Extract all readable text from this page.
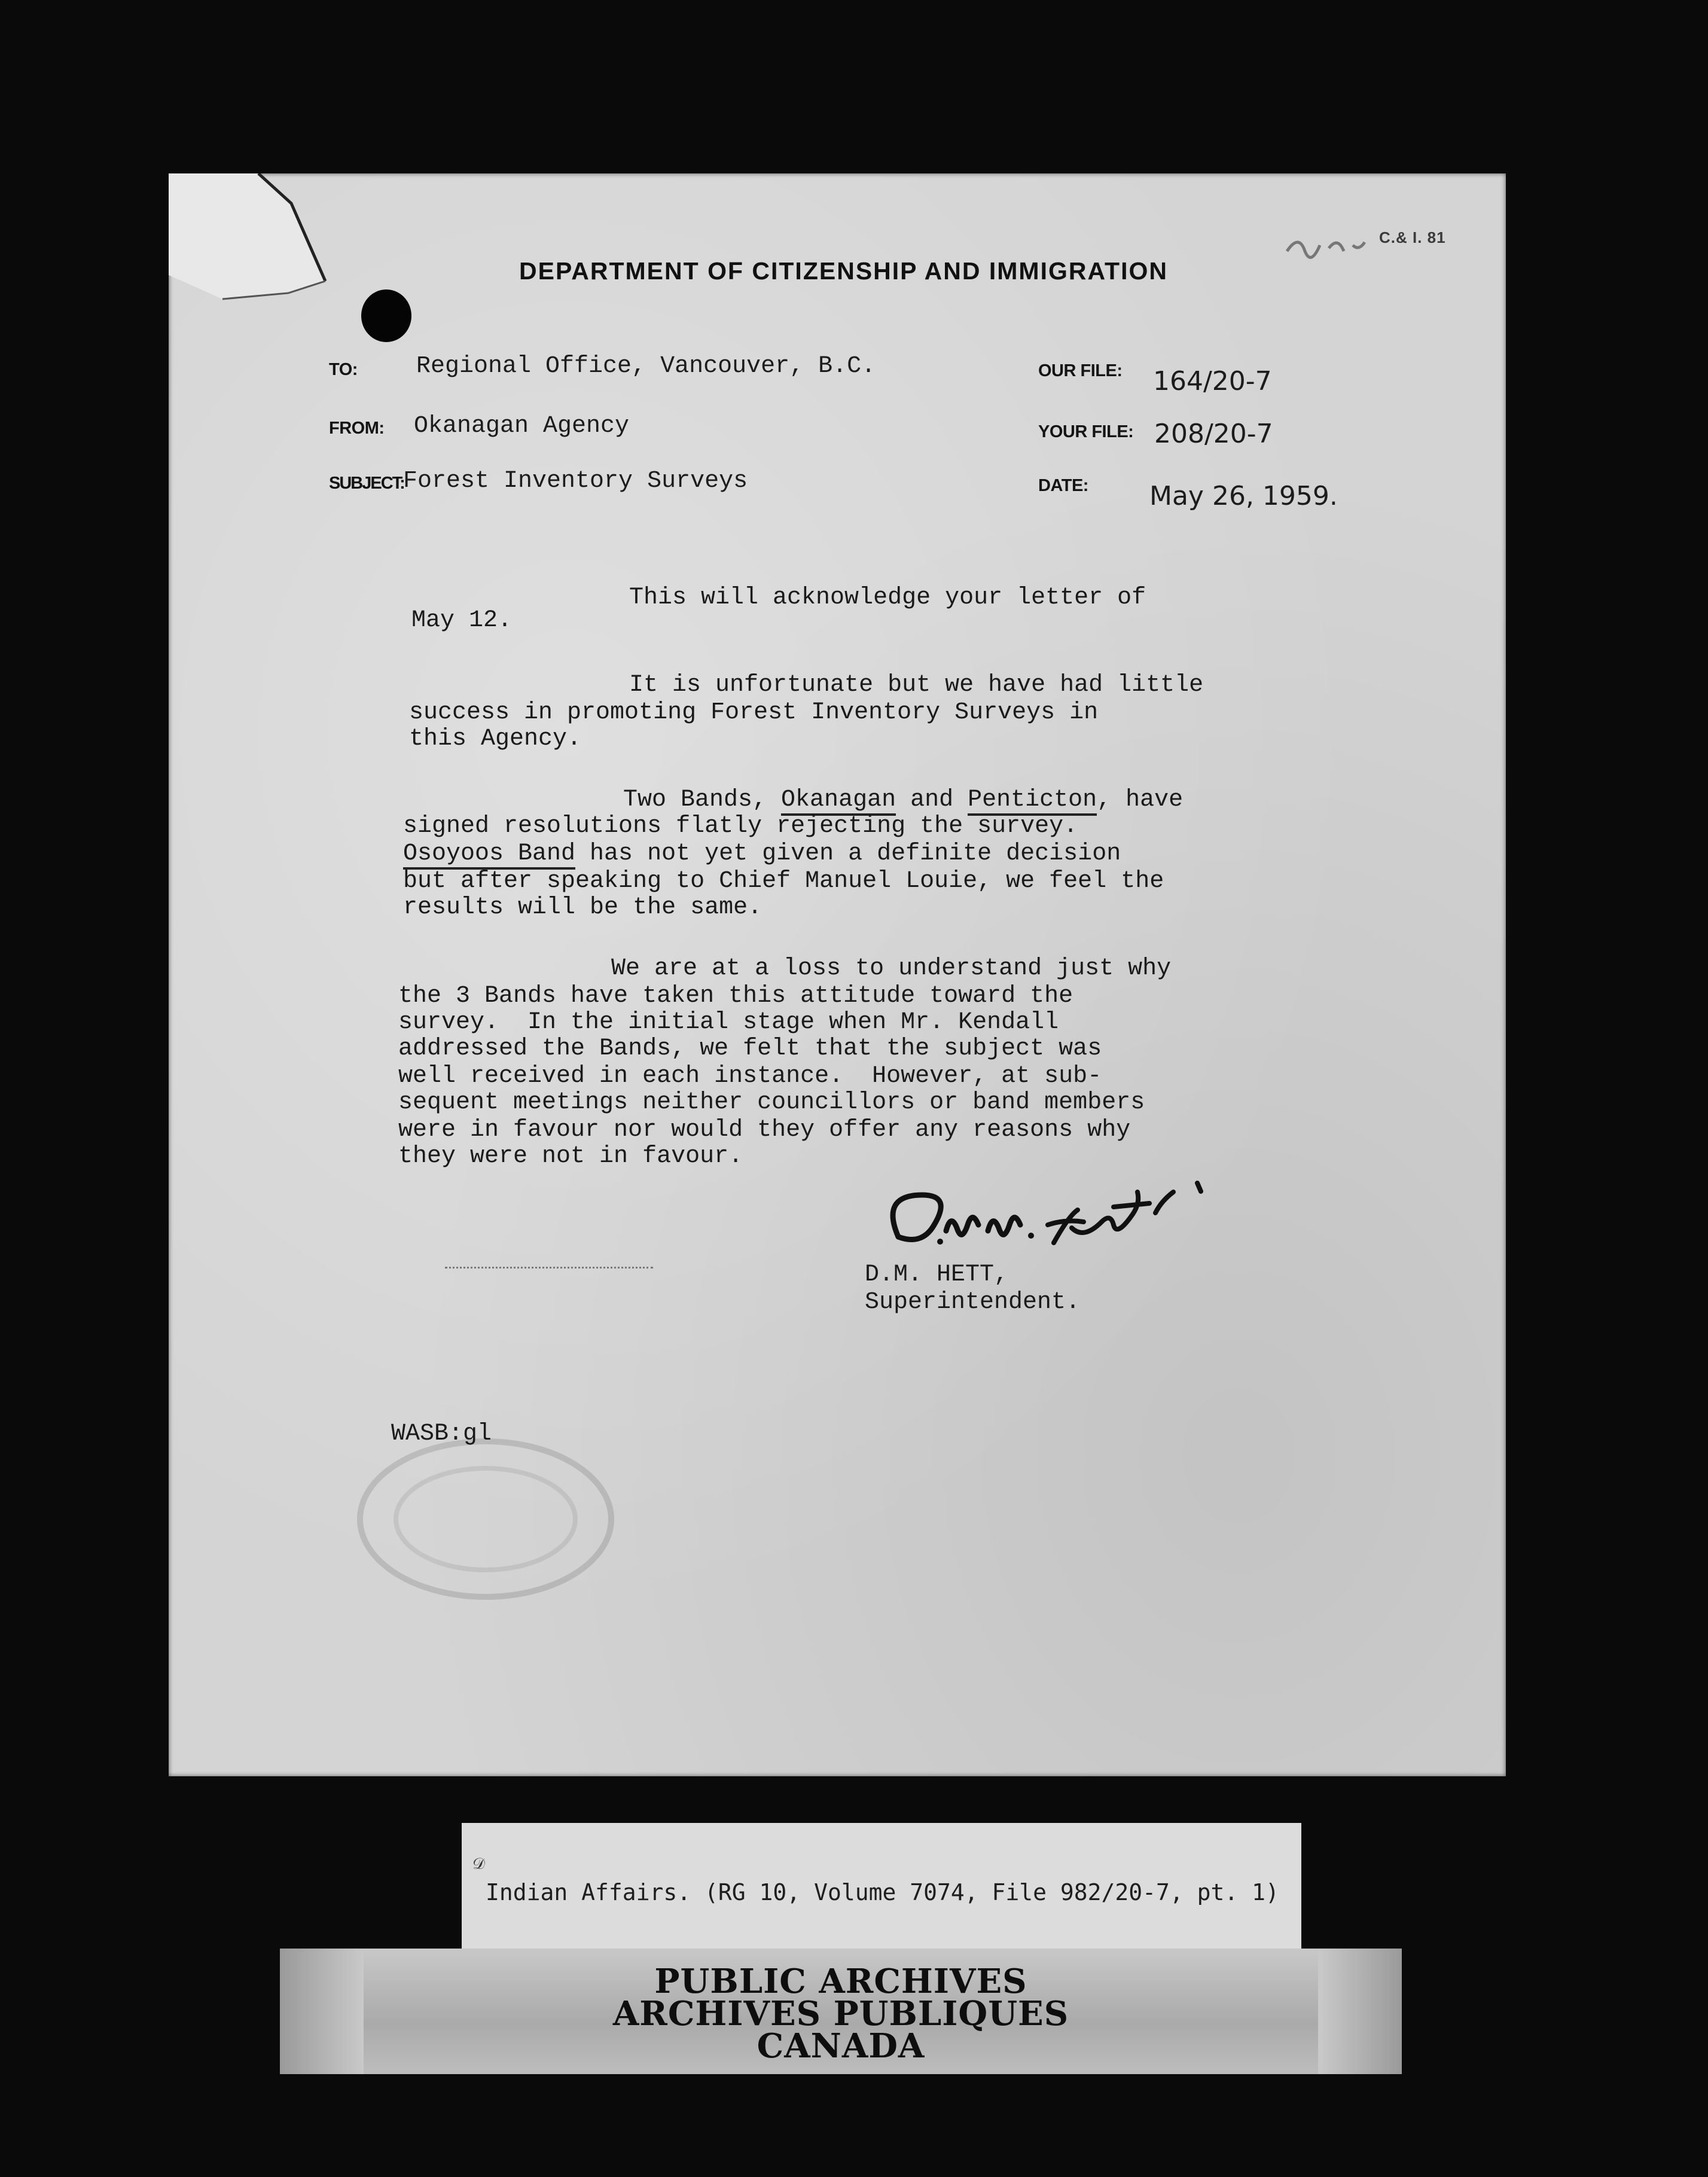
C.& I. 81
DEPARTMENT OF CITIZENSHIP AND IMMIGRATION
TO: Regional Office, Vancouver, B.C.
FROM: Okanagan Agency
SUBJECT:
Forest Inventory Surveys
OUR FILE: 164/20-7
YOUR FILE: 208/20-7
DATE: May 26, 1959.
This will acknowledge your letter of
May 12.
It is unfortunate but we have had little
success in promoting Forest Inventory Surveys in
this Agency.
Two Bands, Okanagan and Penticton, have
signed resolutions flatly rejecting the survey.
Osoyoos Band has not yet given a definite decision
but after speaking to Chief Manuel Louie, we feel the
results will be the same.
We are at a loss to understand just why
the 3 Bands have taken this attitude toward the
survey.  In the initial stage when Mr. Kendall
addressed the Bands, we felt that the subject was
well received in each instance.  However, at sub-
sequent meetings neither councillors or band members
were in favour nor would they offer any reasons why
they were not in favour.
D.M. HETT,
Superintendent.
WASB:gl
𝒟
Indian Affairs. (RG 10, Volume 7074, File 982/20-7, pt. 1)
PUBLIC ARCHIVES
ARCHIVES PUBLIQUES
CANADA
